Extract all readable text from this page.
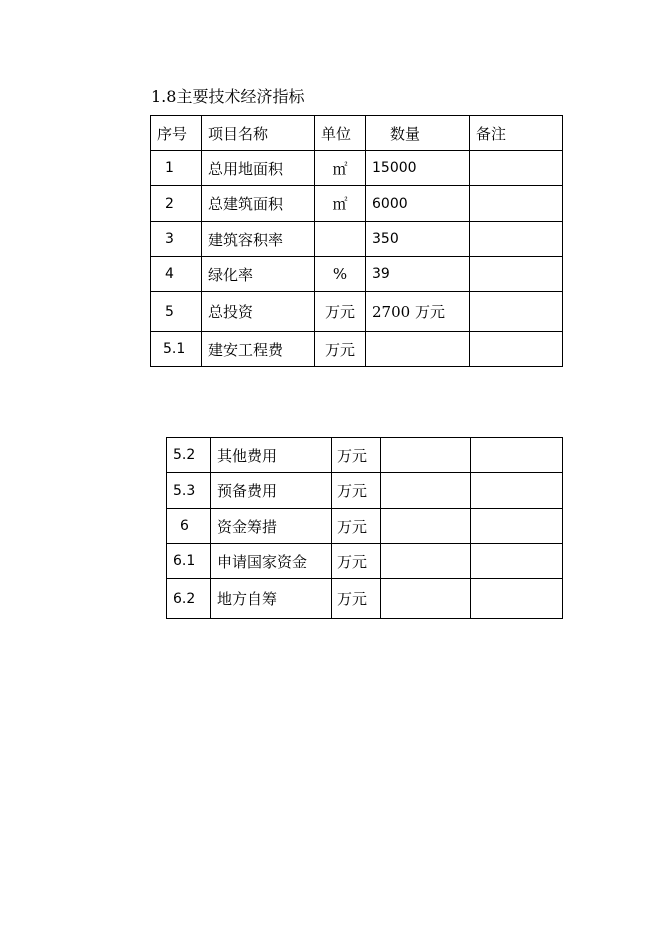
1.8主要技术经济指标
序号	项目名称	单位	数量	备注
1	总用地面积	㎡	15000	
2	总建筑面积	㎡	6000	
3	建筑容积率		350	
4	绿化率	%	39	
5	总投资	万元	2700 万元	
5.1	建安工程费	万元		
5.2	其他费用	万元		
5.3	预备费用	万元		
6	资金筹措	万元		
6.1	申请国家资金	万元		
6.2	地方自筹	万元		
